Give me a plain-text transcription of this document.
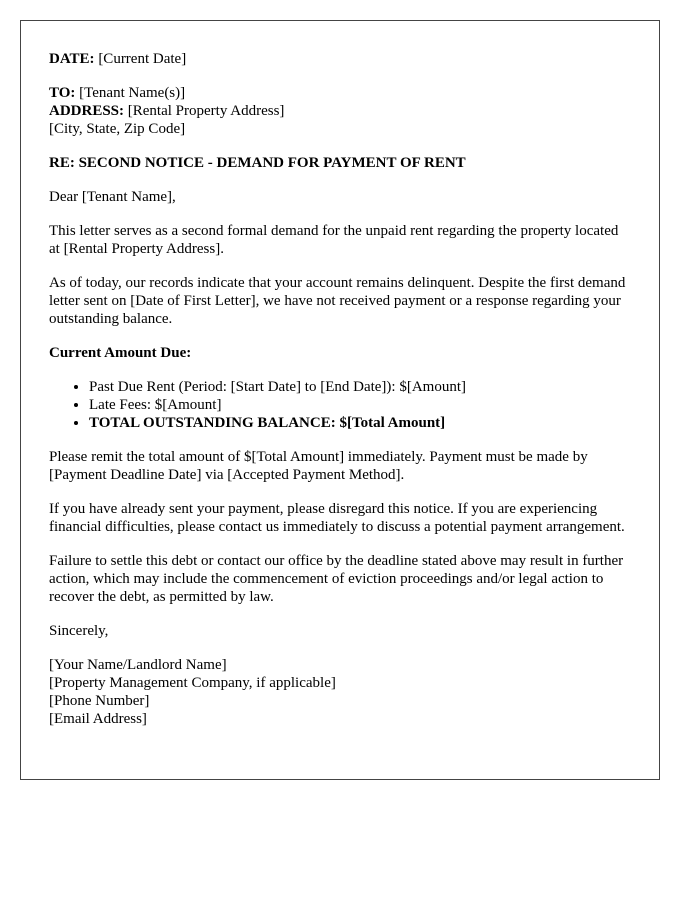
DATE: [Current Date]
TO: [Tenant Name(s)]
ADDRESS: [Rental Property Address]
[City, State, Zip Code]
RE: SECOND NOTICE - DEMAND FOR PAYMENT OF RENT

Dear [Tenant Name],

This letter serves as a second formal demand for the unpaid rent regarding the property located at [Rental Property Address].

As of today, our records indicate that your account remains delinquent. Despite the first demand letter sent on [Date of First Letter], we have not received payment or a response regarding your outstanding balance.

Current Amount Due:
• Past Due Rent (Period: [Start Date] to [End Date]): $[Amount]
• Late Fees: $[Amount]
• TOTAL OUTSTANDING BALANCE: $[Total Amount]

Please remit the total amount of $[Total Amount] immediately. Payment must be made by [Payment Deadline Date] via [Accepted Payment Method].

If you have already sent your payment, please disregard this notice. If you are experiencing financial difficulties, please contact us immediately to discuss a potential payment arrangement.

Failure to settle this debt or contact our office by the deadline stated above may result in further action, which may include the commencement of eviction proceedings and/or legal action to recover the debt, as permitted by law.

Sincerely,

[Your Name/Landlord Name]
[Property Management Company, if applicable]
[Phone Number]
[Email Address]
